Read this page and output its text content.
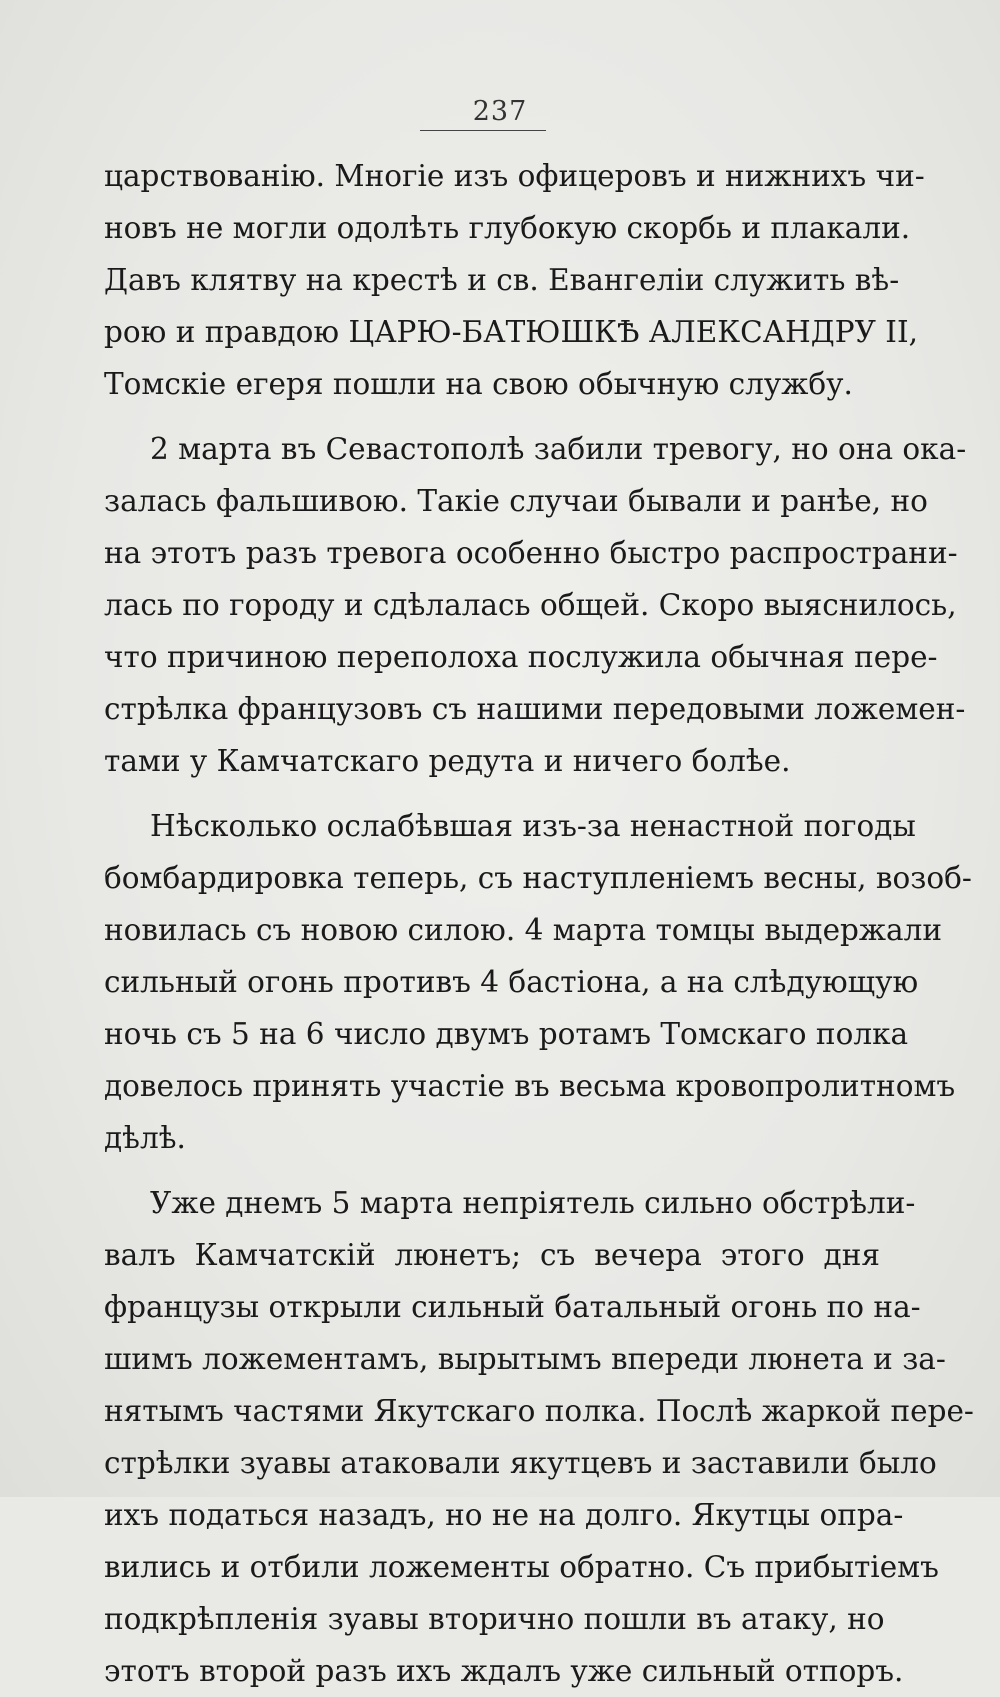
237
царствованію. Многіе изъ офицеровъ и нижнихъ чи-
новъ не могли одолѣть глубокую скорбь и плакали.
Давъ клятву на крестѣ и св. Евангеліи служить вѣ-
рою и правдою ЦАРЮ-БАТЮШКѢ АЛЕКСАНДРУ II,
Томскіе егеря пошли на свою обычную службу.
2 марта въ Севастополѣ забили тревогу, но она ока-
залась фальшивою. Такіе случаи бывали и ранѣе, но
на этотъ разъ тревога особенно быстро распространи-
лась по городу и сдѣлалась общей. Скоро выяснилось,
что причиною переполоха послужила обычная пере-
стрѣлка французовъ съ нашими передовыми ложемен-
тами у Камчатскаго редута и ничего болѣе.
Нѣсколько ослабѣвшая изъ-за ненастной погоды
бомбардировка теперь, съ наступленіемъ весны, возоб-
новилась съ новою силою. 4 марта томцы выдержали
сильный огонь противъ 4 бастіона, а на слѣдующую
ночь съ 5 на 6 число двумъ ротамъ Томскаго полка
довелось принять участіе въ весьма кровопролитномъ
дѣлѣ.
Уже днемъ 5 марта непріятель сильно обстрѣли-
валъ Камчатскій люнетъ; съ вечера этого дня
французы открыли сильный батальный огонь по на-
шимъ ложементамъ, вырытымъ впереди люнета и за-
нятымъ частями Якутскаго полка. Послѣ жаркой пере-
стрѣлки зуавы атаковали якутцевъ и заставили было
ихъ податься назадъ, но не на долго. Якутцы опра-
вились и отбили ложементы обратно. Съ прибытіемъ
подкрѣпленія зуавы вторично пошли въ атаку, но
этотъ второй разъ ихъ ждалъ уже сильный отпоръ.
